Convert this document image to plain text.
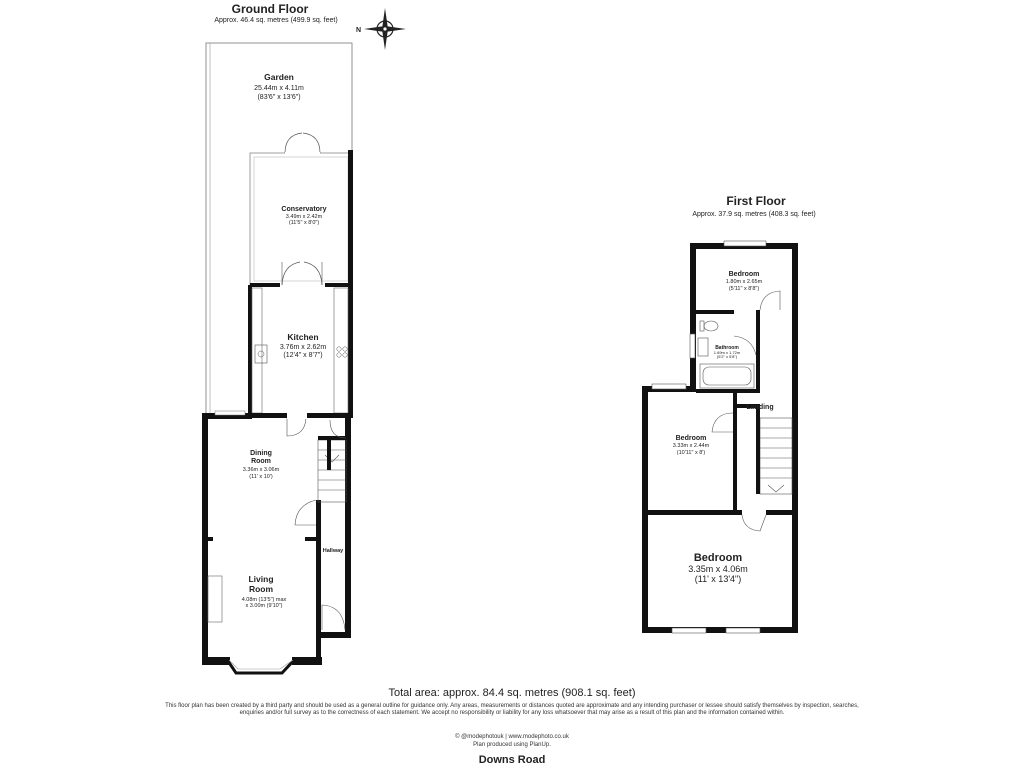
Ground Floor
Approx. 46.4 sq. metres (499.9 sq. feet)
N
Garden
25.44m x 4.11m
(83'6" x 13'6")
Conservatory
3.49m x 2.42m
(11'5" x 8'0")
Kitchen
3.76m x 2.62m
(12'4" x 8'7")
Dining
Room
3.36m x 3.06m
(11' x 10')
Hallway
Living
Room
4.08m (13'5") max
x 3.00m (9'10")
First Floor
Approx. 37.9 sq. metres (408.3 sq. feet)
Bedroom
1.80m x 2.65m
(5'11" x 8'8")
Bathroom
1.69m x 1.72m
(5'2" x 5'8")
Landing
Bedroom
3.33m x 2.44m
(10'11" x 8')
Bedroom
3.35m x 4.06m
(11' x 13'4")
Total area: approx. 84.4 sq. metres (908.1 sq. feet)
This floor plan has been created by a third party and should be used as a general outline for guidance only. Any areas, measurements or distances quoted are approximate and any intending purchaser or lessee should satisfy themselves by inspection, searches, enquiries and/or full survey as to the correctness of each statement. We accept no responsibility or liability for any loss whatsoever that may arise as a result of this plan and the information contained within.
© @modephotouk | www.modephoto.co.uk
Plan produced using PlanUp.
Downs Road
